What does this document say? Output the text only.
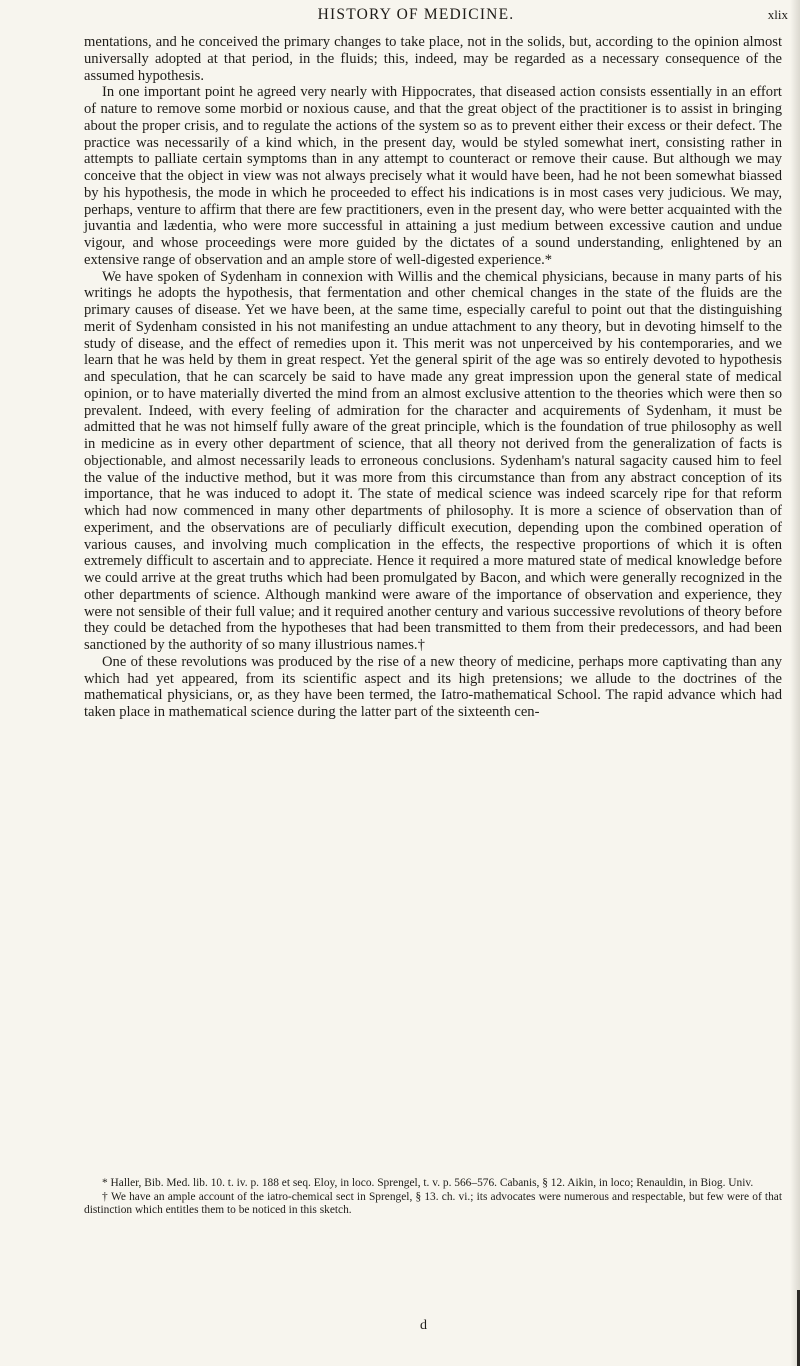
HISTORY OF MEDICINE.	xlix

mentations, and he conceived the primary changes to take place, not in the solids, but, according to the opinion almost universally adopted at that period, in the fluids; this, indeed, may be regarded as a necessary consequence of the assumed hypothesis.

In one important point he agreed very nearly with Hippocrates, that diseased action consists essentially in an effort of nature to remove some morbid or noxious cause, and that the great object of the practitioner is to assist in bringing about the proper crisis, and to regulate the actions of the system so as to prevent either their excess or their defect. The practice was necessarily of a kind which, in the present day, would be styled somewhat inert, consisting rather in attempts to palliate certain symptoms than in any attempt to counteract or remove their cause. But although we may conceive that the object in view was not always precisely what it would have been, had he not been somewhat biassed by his hypothesis, the mode in which he proceeded to effect his indications is in most cases very judicious. We may, perhaps, venture to affirm that there are few practitioners, even in the present day, who were better acquainted with the juvantia and lædentia, who were more successful in attaining a just medium between excessive caution and undue vigour, and whose proceedings were more guided by the dictates of a sound understanding, enlightened by an extensive range of observation and an ample store of well-digested experience.*

We have spoken of Sydenham in connexion with Willis and the chemical physicians, because in many parts of his writings he adopts the hypothesis, that fermentation and other chemical changes in the state of the fluids are the primary causes of disease. Yet we have been, at the same time, especially careful to point out that the distinguishing merit of Sydenham consisted in his not manifesting an undue attachment to any theory, but in devoting himself to the study of disease, and the effect of remedies upon it. This merit was not unperceived by his contemporaries, and we learn that he was held by them in great respect. Yet the general spirit of the age was so entirely devoted to hypothesis and speculation, that he can scarcely be said to have made any great impression upon the general state of medical opinion, or to have materially diverted the mind from an almost exclusive attention to the theories which were then so prevalent. Indeed, with every feeling of admiration for the character and acquirements of Sydenham, it must be admitted that he was not himself fully aware of the great principle, which is the foundation of true philosophy as well in medicine as in every other department of science, that all theory not derived from the generalization of facts is objectionable, and almost necessarily leads to erroneous conclusions. Sydenham's natural sagacity caused him to feel the value of the inductive method, but it was more from this circumstance than from any abstract conception of its importance, that he was induced to adopt it. The state of medical science was indeed scarcely ripe for that reform which had now commenced in many other departments of philosophy. It is more a science of observation than of experiment, and the observations are of peculiarly difficult execution, depending upon the combined operation of various causes, and involving much complication in the effects, the respective proportions of which it is often extremely difficult to ascertain and to appreciate. Hence it required a more matured state of medical knowledge before we could arrive at the great truths which had been promulgated by Bacon, and which were generally recognized in the other departments of science. Although mankind were aware of the importance of observation and experience, they were not sensible of their full value; and it required another century and various successive revolutions of theory before they could be detached from the hypotheses that had been transmitted to them from their predecessors, and had been sanctioned by the authority of so many illustrious names.†

One of these revolutions was produced by the rise of a new theory of medicine, perhaps more captivating than any which had yet appeared, from its scientific aspect and its high pretensions; we allude to the doctrines of the mathematical physicians, or, as they have been termed, the Iatro-mathematical School. The rapid advance which had taken place in mathematical science during the latter part of the sixteenth cen-

* Haller, Bib. Med. lib. 10. t. iv. p. 188 et seq. Eloy, in loco. Sprengel, t. v. p. 566–576. Cabanis, § 12. Aikin, in loco; Renauldin, in Biog. Univ.

† We have an ample account of the iatro-chemical sect in Sprengel, § 13. ch. vi.; its advocates were numerous and respectable, but few were of that distinction which entitles them to be noticed in this sketch.

d
